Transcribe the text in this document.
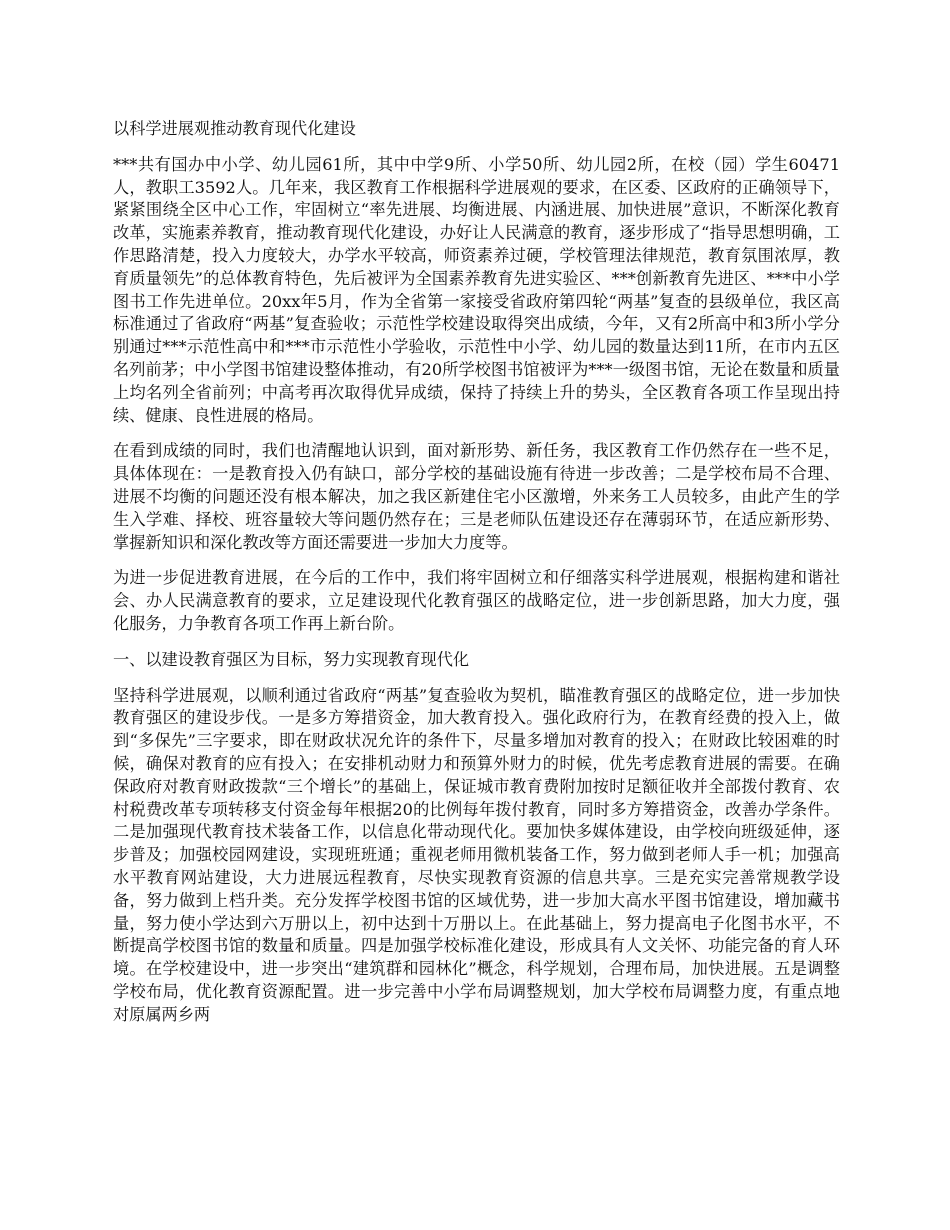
以科学进展观推动教育现代化建设

***共有国办中小学、幼儿园61所，其中中学9所、小学50所、幼儿园2所，在校（园）学生60471人，教职工3592人。几年来，我区教育工作根据科学进展观的要求，在区委、区政府的正确领导下，紧紧围绕全区中心工作，牢固树立“率先进展、均衡进展、内涵进展、加快进展”意识，不断深化教育改革，实施素养教育，推动教育现代化建设，办好让人民满意的教育，逐步形成了“指导思想明确，工作思路清楚，投入力度较大，办学水平较高，师资素养过硬，学校管理法律规范，教育氛围浓厚，教育质量领先”的总体教育特色，先后被评为全国素养教育先进实验区、***创新教育先进区、***中小学图书工作先进单位。20xx年5月，作为全省第一家接受省政府第四轮“两基”复查的县级单位，我区高标准通过了省政府“两基”复查验收；示范性学校建设取得突出成绩，今年，又有2所高中和3所小学分别通过***示范性高中和***市示范性小学验收，示范性中小学、幼儿园的数量达到11所，在市内五区名列前茅；中小学图书馆建设整体推动，有20所学校图书馆被评为***一级图书馆，无论在数量和质量上均名列全省前列；中高考再次取得优异成绩，保持了持续上升的势头，全区教育各项工作呈现出持续、健康、良性进展的格局。

在看到成绩的同时，我们也清醒地认识到，面对新形势、新任务，我区教育工作仍然存在一些不足，具体体现在：一是教育投入仍有缺口，部分学校的基础设施有待进一步改善；二是学校布局不合理、进展不均衡的问题还没有根本解决，加之我区新建住宅小区激增，外来务工人员较多，由此产生的学生入学难、择校、班容量较大等问题仍然存在；三是老师队伍建设还存在薄弱环节，在适应新形势、掌握新知识和深化教改等方面还需要进一步加大力度等。

为进一步促进教育进展，在今后的工作中，我们将牢固树立和仔细落实科学进展观，根据构建和谐社会、办人民满意教育的要求，立足建设现代化教育强区的战略定位，进一步创新思路，加大力度，强化服务，力争教育各项工作再上新台阶。

一、以建设教育强区为目标，努力实现教育现代化

坚持科学进展观，以顺利通过省政府“两基”复查验收为契机，瞄准教育强区的战略定位，进一步加快教育强区的建设步伐。一是多方筹措资金，加大教育投入。强化政府行为，在教育经费的投入上，做到“多保先”三字要求，即在财政状况允许的条件下，尽量多增加对教育的投入；在财政比较困难的时候，确保对教育的应有投入；在安排机动财力和预算外财力的时候，优先考虑教育进展的需要。在确保政府对教育财政拨款“三个增长”的基础上，保证城市教育费附加按时足额征收并全部拨付教育、农村税费改革专项转移支付资金每年根据20的比例每年拨付教育，同时多方筹措资金，改善办学条件。二是加强现代教育技术装备工作，以信息化带动现代化。要加快多媒体建设，由学校向班级延伸，逐步普及；加强校园网建设，实现班班通；重视老师用微机装备工作，努力做到老师人手一机；加强高水平教育网站建设，大力进展远程教育，尽快实现教育资源的信息共享。三是充实完善常规教学设备，努力做到上档升类。充分发挥学校图书馆的区域优势，进一步加大高水平图书馆建设，增加藏书量，努力使小学达到六万册以上，初中达到十万册以上。在此基础上，努力提高电子化图书水平，不断提高学校图书馆的数量和质量。四是加强学校标准化建设，形成具有人文关怀、功能完备的育人环境。在学校建设中，进一步突出“建筑群和园林化”概念，科学规划，合理布局，加快进展。五是调整学校布局，优化教育资源配置。进一步完善中小学布局调整规划，加大学校布局调整力度，有重点地对原属两乡两
